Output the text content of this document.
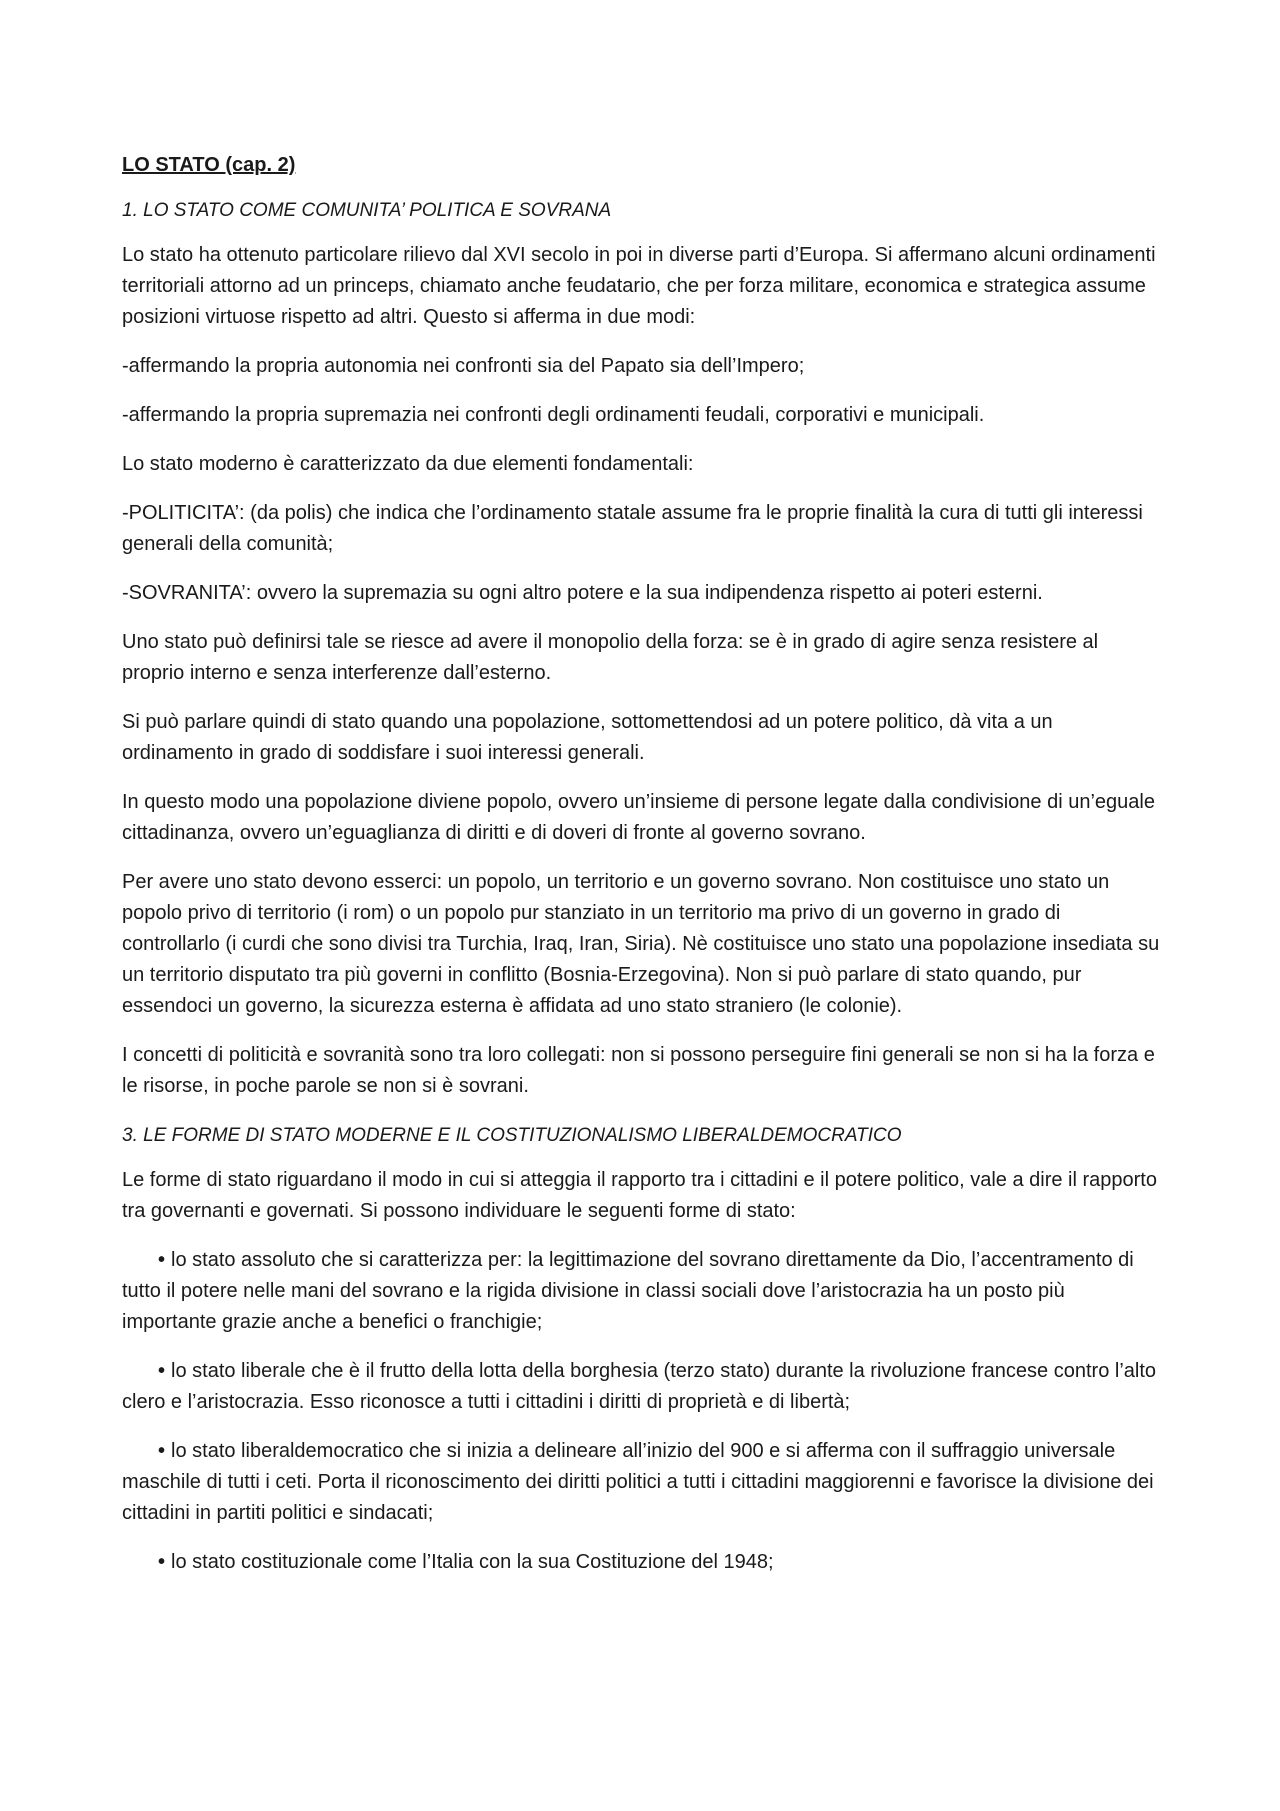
LO STATO (cap. 2)
1. LO STATO COME COMUNITA’ POLITICA E SOVRANA

Lo stato ha ottenuto particolare rilievo dal XVI secolo in poi in diverse parti d’Europa. Si affermano alcuni ordinamenti territoriali attorno ad un princeps, chiamato anche feudatario, che per forza militare, economica e strategica assume posizioni virtuose rispetto ad altri. Questo si afferma in due modi:

-affermando la propria autonomia nei confronti sia del Papato sia dell’Impero;

-affermando la propria supremazia nei confronti degli ordinamenti feudali, corporativi e municipali.

Lo stato moderno è caratterizzato da due elementi fondamentali:

-POLITICITA’: (da polis) che indica che l’ordinamento statale assume fra le proprie finalità la cura di tutti gli interessi generali della comunità;

-SOVRANITA’: ovvero la supremazia su ogni altro potere e la sua indipendenza rispetto ai poteri esterni.

Uno stato può definirsi tale se riesce ad avere il monopolio della forza: se è in grado di agire senza resistere al proprio interno e senza interferenze dall’esterno.

Si può parlare quindi di stato quando una popolazione, sottomettendosi ad un potere politico, dà vita a un ordinamento in grado di soddisfare i suoi interessi generali.

In questo modo una popolazione diviene popolo, ovvero un’insieme di persone legate dalla condivisione di un’eguale cittadinanza, ovvero un’eguaglianza di diritti e di doveri di fronte al governo sovrano.

Per avere uno stato devono esserci: un popolo, un territorio e un governo sovrano. Non costituisce uno stato un popolo privo di territorio (i rom) o un popolo pur stanziato in un territorio ma privo di un governo in grado di controllarlo (i curdi che sono divisi tra Turchia, Iraq, Iran, Siria). Nè costituisce uno stato una popolazione insediata su un territorio disputato tra più governi in conflitto (Bosnia-Erzegovina). Non si può parlare di stato quando, pur essendoci un governo, la sicurezza esterna è affidata ad uno stato straniero (le colonie).

I concetti di politicità e sovranità sono tra loro collegati: non si possono perseguire fini generali se non si ha la forza e le risorse, in poche parole se non si è sovrani.

3. LE FORME DI STATO MODERNE E IL COSTITUZIONALISMO LIBERALDEMOCRATICO

Le forme di stato riguardano il modo in cui si atteggia il rapporto tra i cittadini e il potere politico, vale a dire il rapporto tra governanti e governati. Si possono individuare le seguenti forme di stato:

• lo stato assoluto che si caratterizza per: la legittimazione del sovrano direttamente da Dio, l’accentramento di tutto il potere nelle mani del sovrano e la rigida divisione in classi sociali dove l’aristocrazia ha un posto più importante grazie anche a benefici o franchigie;

• lo stato liberale che è il frutto della lotta della borghesia (terzo stato) durante la rivoluzione francese contro l’alto clero e l’aristocrazia. Esso riconosce a tutti i cittadini i diritti di proprietà e di libertà;

• lo stato liberaldemocratico che si inizia a delineare all’inizio del 900 e si afferma con il suffraggio universale maschile di tutti i ceti. Porta il riconoscimento dei diritti politici a tutti i cittadini maggiorenni e favorisce la divisione dei cittadini in partiti politici e sindacati;

• lo stato costituzionale come l’Italia con la sua Costituzione del 1948;
